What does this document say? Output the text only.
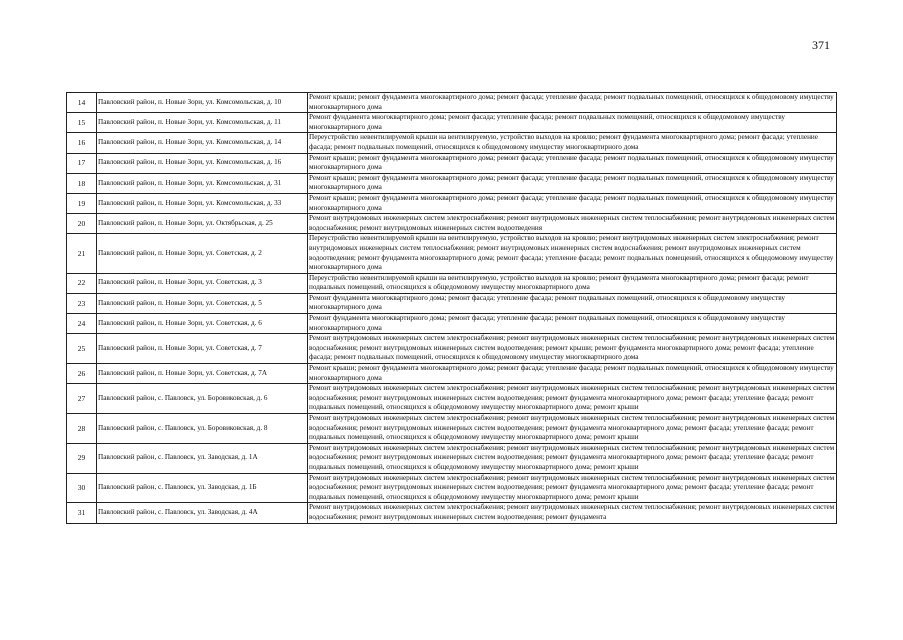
371
14	Павловский район, п. Новые Зори, ул. Комсомольская, д. 10	Ремонт крыши; ремонт фундамента многоквартирного дома; ремонт фасада; утепление фасада; ремонт подвальных помещений, относящихся к общедомовому имуществу многоквартирного дома
15	Павловский район, п. Новые Зори, ул. Комсомольская, д. 11	Ремонт фундамента многоквартирного дома; ремонт фасада; утепление фасада; ремонт подвальных помещений, относящихся к общедомовому имуществу многоквартирного дома
16	Павловский район, п. Новые Зори, ул. Комсомольская, д. 14	Переустройство невентилируемой крыши на вентилируемую, устройство выходов на кровлю; ремонт фундамента многоквартирного дома; ремонт фасада; утепление фасада; ремонт подвальных помещений, относящихся к общедомовому имуществу многоквартирного дома
17	Павловский район, п. Новые Зори, ул. Комсомольская, д. 16	Ремонт крыши; ремонт фундамента многоквартирного дома; ремонт фасада; утепление фасада; ремонт подвальных помещений, относящихся к общедомовому имуществу многоквартирного дома
18	Павловский район, п. Новые Зори, ул. Комсомольская, д. 31	Ремонт крыши; ремонт фундамента многоквартирного дома; ремонт фасада; утепление фасада; ремонт подвальных помещений, относящихся к общедомовому имуществу многоквартирного дома
19	Павловский район, п. Новые Зори, ул. Комсомольская, д. 33	Ремонт крыши; ремонт фундамента многоквартирного дома; ремонт фасада; утепление фасада; ремонт подвальных помещений, относящихся к общедомовому имуществу многоквартирного дома
20	Павловский район, п. Новые Зори, ул. Октябрьская, д. 25	Ремонт внутридомовых инженерных систем электроснабжения; ремонт внутридомовых инженерных систем теплоснабжения; ремонт внутридомовых инженерных систем водоснабжения; ремонт внутридомовых инженерных систем водоотведения
21	Павловский район, п. Новые Зори, ул. Советская, д. 2	Переустройство невентилируемой крыши на вентилируемую, устройство выходов на кровлю; ремонт внутридомовых инженерных систем электроснабжения; ремонт внутридомовых инженерных систем теплоснабжения; ремонт внутридомовых инженерных систем водоснабжения; ремонт внутридомовых инженерных систем водоотведения; ремонт фундамента многоквартирного дома; ремонт фасада; утепление фасада; ремонт подвальных помещений, относящихся к общедомовому имуществу многоквартирного дома
22	Павловский район, п. Новые Зори, ул. Советская, д. 3	Переустройство невентилируемой крыши на вентилируемую, устройство выходов на кровлю; ремонт фундамента многоквартирного дома; ремонт фасада; ремонт подвальных помещений, относящихся к общедомовому имуществу многоквартирного дома
23	Павловский район, п. Новые Зори, ул. Советская, д. 5	Ремонт фундамента многоквартирного дома; ремонт фасада; утепление фасада; ремонт подвальных помещений, относящихся к общедомовому имуществу многоквартирного дома
24	Павловский район, п. Новые Зори, ул. Советская, д. 6	Ремонт фундамента многоквартирного дома; ремонт фасада; утепление фасада; ремонт подвальных помещений, относящихся к общедомовому имуществу многоквартирного дома
25	Павловский район, п. Новые Зори, ул. Советская, д. 7	Ремонт внутридомовых инженерных систем электроснабжения; ремонт внутридомовых инженерных систем теплоснабжения; ремонт внутридомовых инженерных систем водоснабжения; ремонт внутридомовых инженерных систем водоотведения; ремонт крыши; ремонт фундамента многоквартирного дома; ремонт фасада; утепление фасада; ремонт подвальных помещений, относящихся к общедомовому имуществу многоквартирного дома
26	Павловский район, п. Новые Зори, ул. Советская, д. 7А	Ремонт крыши; ремонт фундамента многоквартирного дома; ремонт фасада; утепление фасада; ремонт подвальных помещений, относящихся к общедомовому имуществу многоквартирного дома
27	Павловский район, с. Павловск, ул. Боровиковская, д. 6	Ремонт внутридомовых инженерных систем электроснабжения; ремонт внутридомовых инженерных систем теплоснабжения; ремонт внутридомовых инженерных систем водоснабжения; ремонт внутридомовых инженерных систем водоотведения; ремонт фундамента многоквартирного дома; ремонт фасада; утепление фасада; ремонт подвальных помещений, относящихся к общедомовому имуществу многоквартирного дома; ремонт крыши
28	Павловский район, с. Павловск, ул. Боровиковская, д. 8	Ремонт внутридомовых инженерных систем электроснабжения; ремонт внутридомовых инженерных систем теплоснабжения; ремонт внутридомовых инженерных систем водоснабжения; ремонт внутридомовых инженерных систем водоотведения; ремонт фундамента многоквартирного дома; ремонт фасада; утепление фасада; ремонт подвальных помещений, относящихся к общедомовому имуществу многоквартирного дома; ремонт крыши
29	Павловский район, с. Павловск, ул. Заводская, д. 1А	Ремонт внутридомовых инженерных систем электроснабжения; ремонт внутридомовых инженерных систем теплоснабжения; ремонт внутридомовых инженерных систем водоснабжения; ремонт внутридомовых инженерных систем водоотведения; ремонт фундамента многоквартирного дома; ремонт фасада; утепление фасада; ремонт подвальных помещений, относящихся к общедомовому имуществу многоквартирного дома; ремонт крыши
30	Павловский район, с. Павловск, ул. Заводская, д. 1Б	Ремонт внутридомовых инженерных систем электроснабжения; ремонт внутридомовых инженерных систем теплоснабжения; ремонт внутридомовых инженерных систем водоснабжения; ремонт внутридомовых инженерных систем водоотведения; ремонт фундамента многоквартирного дома; ремонт фасада; утепление фасада; ремонт подвальных помещений, относящихся к общедомовому имуществу многоквартирного дома; ремонт крыши
31	Павловский район, с. Павловск, ул. Заводская, д. 4А	Ремонт внутридомовых инженерных систем электроснабжения; ремонт внутридомовых инженерных систем теплоснабжения; ремонт внутридомовых инженерных систем водоснабжения; ремонт внутридомовых инженерных систем водоотведения; ремонт фундамента
